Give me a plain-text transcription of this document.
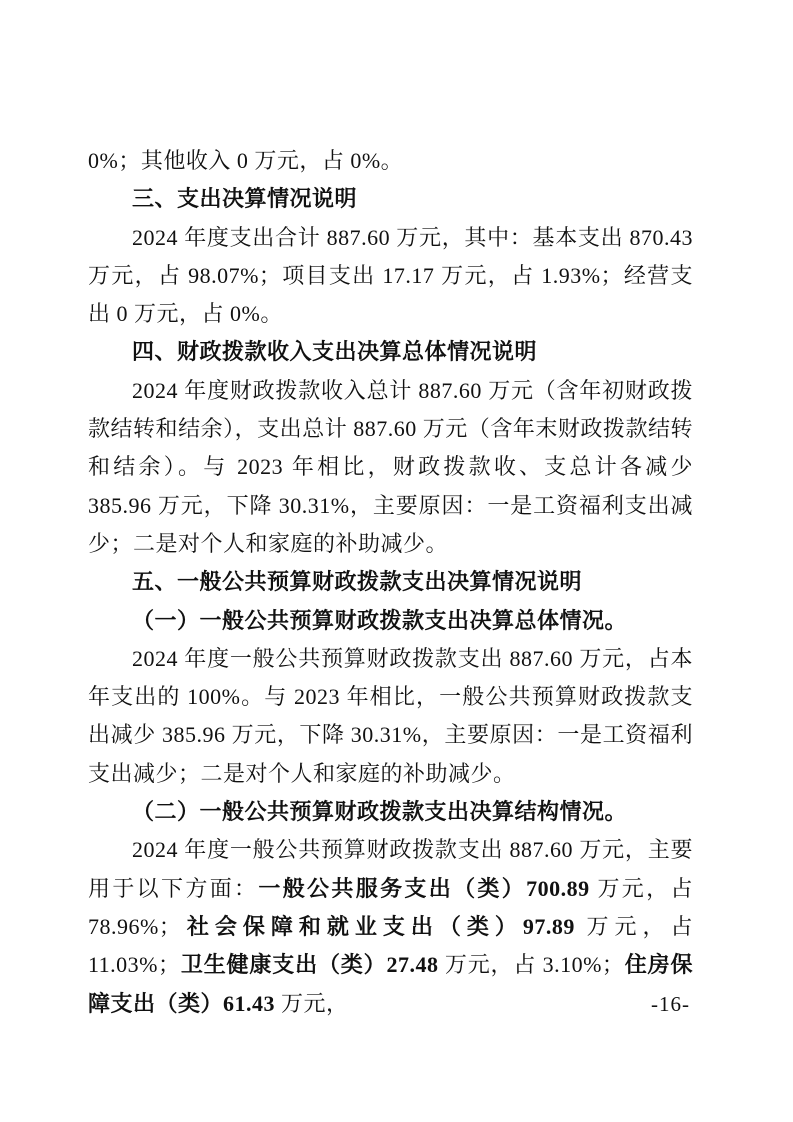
0%；其他收入 0 万元，占 0%。

三、支出决算情况说明

2024 年度支出合计 887.60 万元，其中：基本支出 870.43 万元，占 98.07%；项目支出 17.17 万元，占 1.93%；经营支出 0 万元，占 0%。

四、财政拨款收入支出决算总体情况说明

2024 年度财政拨款收入总计 887.60 万元（含年初财政拨款结转和结余），支出总计 887.60 万元（含年末财政拨款结转和结余）。与 2023 年相比，财政拨款收、支总计各减少 385.96 万元，下降 30.31%，主要原因：一是工资福利支出减少；二是对个人和家庭的补助减少。

五、一般公共预算财政拨款支出决算情况说明
（一）一般公共预算财政拨款支出决算总体情况。

2024 年度一般公共预算财政拨款支出 887.60 万元，占本年支出的 100%。与 2023 年相比，一般公共预算财政拨款支出减少 385.96 万元，下降 30.31%，主要原因：一是工资福利支出减少；二是对个人和家庭的补助减少。

（二）一般公共预算财政拨款支出决算结构情况。

2024 年度一般公共预算财政拨款支出 887.60 万元，主要用于以下方面：一般公共服务支出（类）700.89 万元，占 78.96%；社会保障和就业支出（类）97.89 万元，占 11.03%；卫生健康支出（类）27.48 万元，占 3.10%；住房保障支出（类）61.43 万元，	-16-
